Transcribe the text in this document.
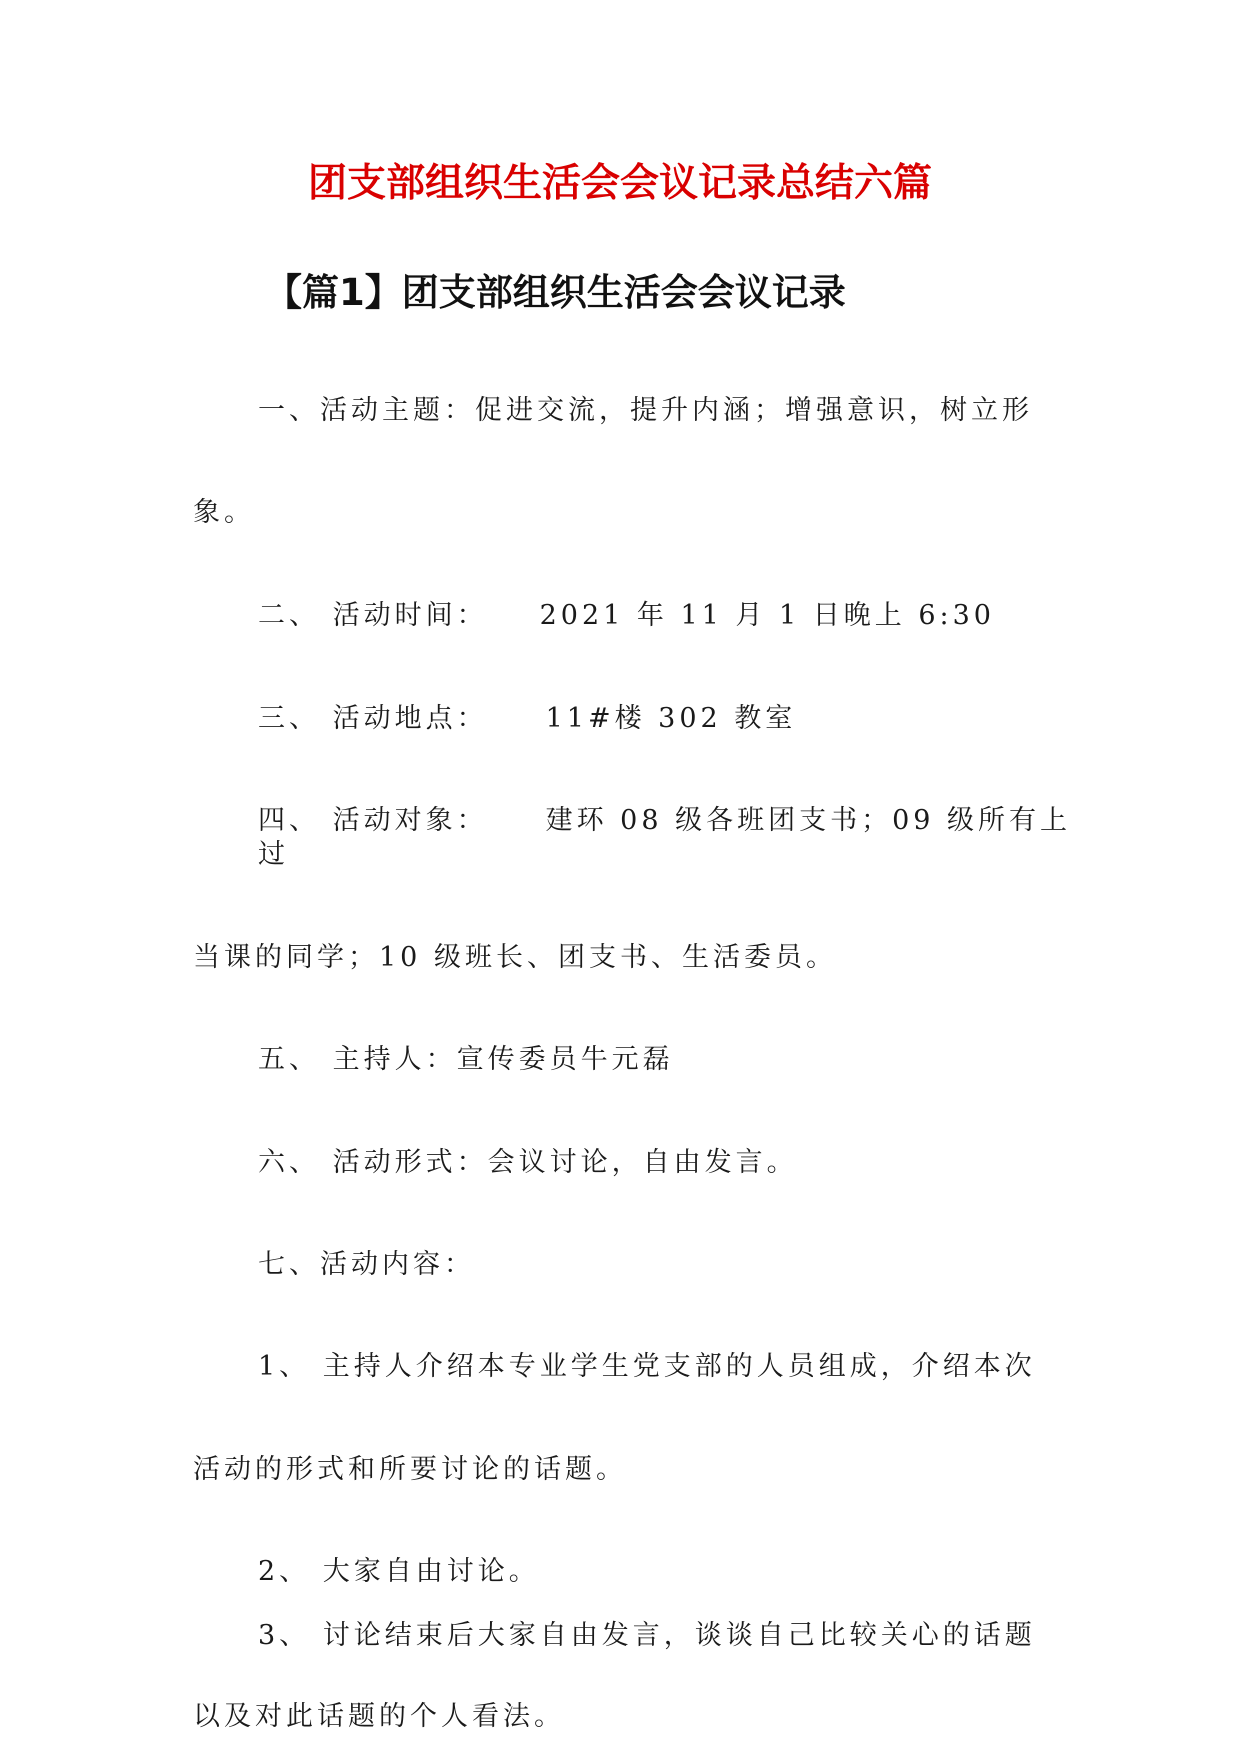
团支部组织生活会会议记录总结六篇
【篇1】团支部组织生活会会议记录
一、活动主题：促进交流，提升内涵；增强意识，树立形
象。
二、 活动时间： 2021 年 11 月 1 日晚上 6:30
三、 活动地点： 11#楼 302 教室
四、 活动对象： 建环 08 级各班团支书；09 级所有上
过
当课的同学；10 级班长、团支书、生活委员。
五、 主持人：宣传委员牛元磊
六、 活动形式：会议讨论，自由发言。
七、活动内容：
1、 主持人介绍本专业学生党支部的人员组成，介绍本次
活动的形式和所要讨论的话题。
2、 大家自由讨论。
3、 讨论结束后大家自由发言，谈谈自己比较关心的话题
以及对此话题的个人看法。
